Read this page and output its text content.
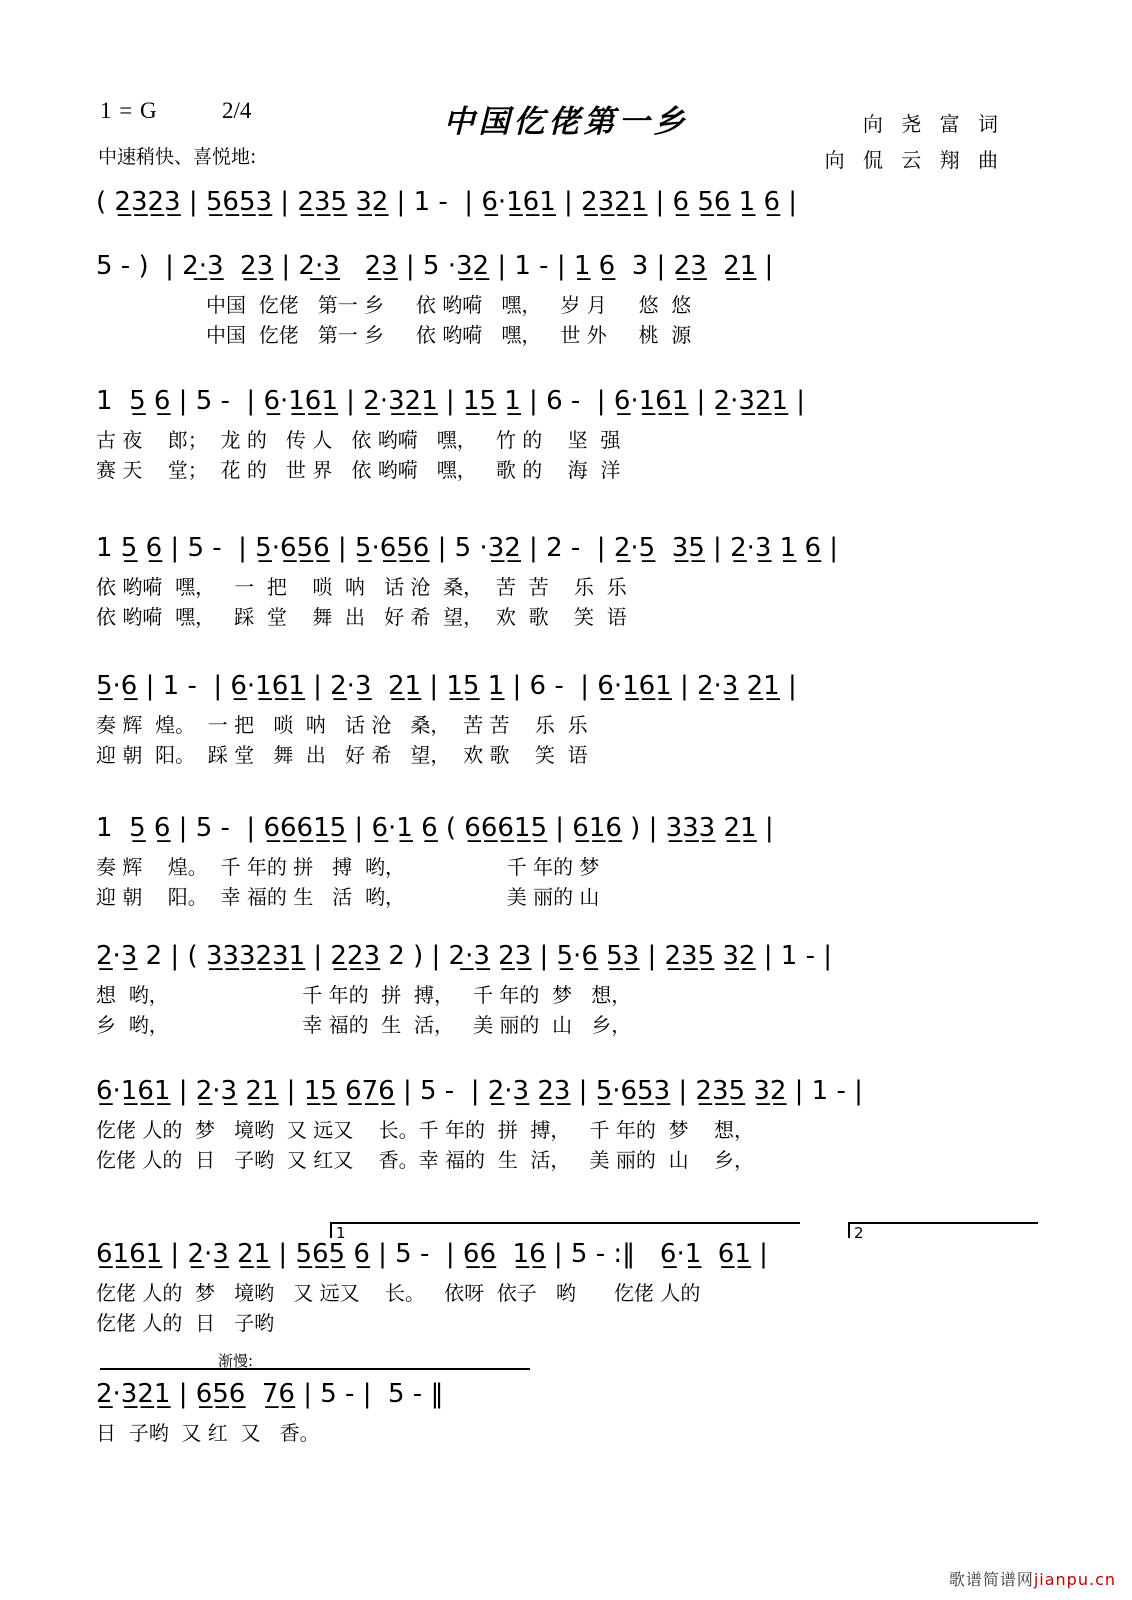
1 = G	2/4
中速稍快、喜悦地:
中国仡佬第一乡	向 尧 富 词
向 侃 云 翔 曲
( 2̲3̲2̲3̲ | 5̲6̲5̲3̲ | 2̲3̲5̲ 3̲2̲ | 1 -  | 6̲·1̲6̲1̲ | 2̲3̲2̲1̲ | 6̲ 5̲6̲ 1̲ 6̲ |
5 - )  | 2·̲3̲  2̲3̲ | 2·̲3̲   2̲3̲ | 5 ·3̲2̲ | 1 - | 1̲ 6̲  3 | 2̲3̲  2̲1̲ |
中国  仡佬   第一 乡     依 哟嗬   嘿，   岁 月     悠  悠
中国  仡佬   第一 乡     依 哟嗬   嘿，   世 外     桃  源
1  5̲ 6̲ | 5 -  | 6̲·1̲6̲1̲ | 2̲·3̲2̲1̲ | 1̲5̲ 1̲ | 6 -  | 6̲·1̲6̲1̲ | 2̲·3̲2̲1̲ |
古 夜    郎；  龙 的   传 人   依 哟嗬   嘿，   竹 的    坚  强
赛 天    堂；  花 的   世 界   依 哟嗬   嘿，   歌 的    海  洋
1 5̲ 6̲ | 5 -  | 5̲·6̲5̲6̲ | 5̲·6̲5̲6̲ | 5 ·3̲2̲ | 2 -  | 2̲·5̲  3̲5̲ | 2̲·3̲ 1̲ 6̲ |
依 哟嗬  嘿，   一  把    唢  呐   话 沧  桑，  苦  苦    乐  乐
依 哟嗬  嘿，   踩  堂    舞  出   好 希  望，  欢  歌    笑  语
5̲·6̲ | 1 -  | 6̲·1̲6̲1̲ | 2̲·3̲  2̲1̲ | 1̲5̲ 1̲ | 6 -  | 6̲·1̲6̲1̲ | 2̲·3̲ 2̲1̲ |
奏 辉  煌。  一 把   唢  呐   话 沧   桑，  苦 苦    乐  乐
迎 朝  阳。  踩 堂   舞  出   好 希   望，  欢 歌    笑  语
1  5̲ 6̲ | 5 -  | 6̲6̲6̲1̲5̲ | 6̲·1̲ 6̲ ( 6̲6̲6̲1̲5̲ | 6̲1̲6̲ ) | 3̲3̲3̲ 2̲1̲ |
奏 辉    煌。  千 年的 拼   搏  哟，                千 年的 梦
迎 朝    阳。  幸 福的 生   活  哟，                美 丽的 山
2̲·3̲ 2 | ( 3̲3̲3̲2̲3̲1̲ | 2̲2̲3̲ 2 ) | 2·̲3̲ 2̲3̲ | 5̲·6̲ 5̲3̲ | 2̲3̲5̲ 3̲2̲ | 1 - |
想  哟，                     千 年的  拼  搏，   千 年的  梦   想，
乡  哟，                     幸 福的  生  活，   美 丽的  山   乡，
6̲·1̲6̲1̲ | 2̲·3̲ 2̲1̲ | 1̲5̲ 6̲7̲6̲ | 5 -  | 2̲·3̲ 2̲3̲ | 5̲·6̲5̲3̲ | 2̲3̲5̲ 3̲2̲ | 1 - |
仡佬 人的  梦   境哟  又 远又    长。千 年的  拼  搏，   千 年的  梦    想，
仡佬 人的  日   子哟  又 红又    香。幸 福的  生  活，   美 丽的  山    乡，
1	2
6̲1̲6̲1̲ | 2̲·3̲ 2̲1̲ | 5̲6̲5̲ 6̲ | 5 -  | 6̲6̲  1̲6̲ | 5 - :‖   6̲·1̲  6̲1̲ |
仡佬 人的  梦   境哟   又 远又    长。   依呀  依子   哟      仡佬 人的
仡佬 人的  日   子哟
渐慢:
2̲·3̲2̲1̲ | 6̲5̲6̲  7̲6̲ | 5 - |  5 - ‖
日  子哟  又 红  又   香。
歌谱简谱网jianpu.cn
